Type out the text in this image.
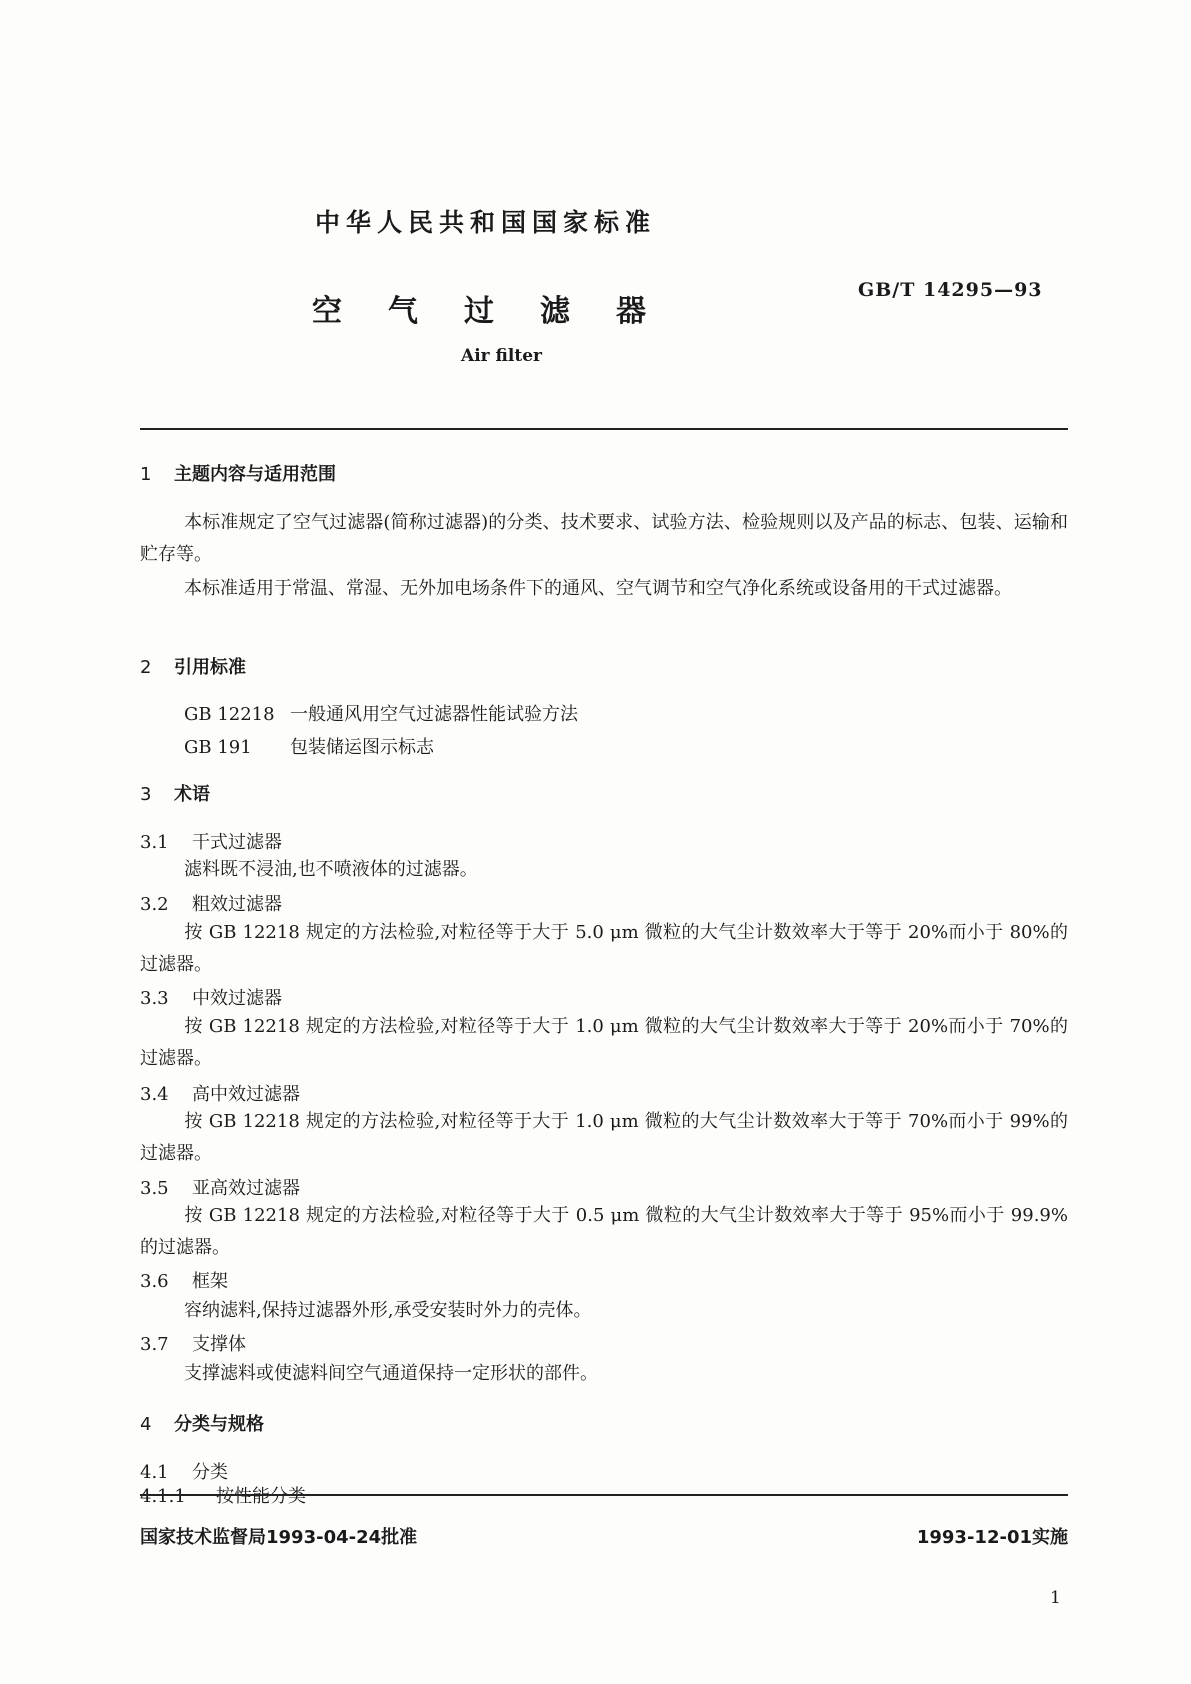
中华人民共和国国家标准
空气过滤器
GB/T 14295—93
Air filter
1 主题内容与适用范围
本标准规定了空气过滤器(简称过滤器)的分类、技术要求、试验方法、检验规则以及产品的标志、包装、运输和贮存等。
本标准适用于常温、常湿、无外加电场条件下的通风、空气调节和空气净化系统或设备用的干式过滤器。
2 引用标准
GB 12218 一般通风用空气过滤器性能试验方法
GB 191 包装储运图示标志
3 术语
3.1 干式过滤器
滤料既不浸油,也不喷液体的过滤器。
3.2 粗效过滤器
按 GB 12218 规定的方法检验,对粒径等于大于 5.0 μm 微粒的大气尘计数效率大于等于 20%而小于 80%的过滤器。
3.3 中效过滤器
按 GB 12218 规定的方法检验,对粒径等于大于 1.0 μm 微粒的大气尘计数效率大于等于 20%而小于 70%的过滤器。
3.4 高中效过滤器
按 GB 12218 规定的方法检验,对粒径等于大于 1.0 μm 微粒的大气尘计数效率大于等于 70%而小于 99%的过滤器。
3.5 亚高效过滤器
按 GB 12218 规定的方法检验,对粒径等于大于 0.5 μm 微粒的大气尘计数效率大于等于 95%而小于 99.9%的过滤器。
3.6 框架
容纳滤料,保持过滤器外形,承受安装时外力的壳体。
3.7 支撑体
支撑滤料或使滤料间空气通道保持一定形状的部件。
4 分类与规格
4.1 分类
4.1.1 按性能分类
国家技术监督局1993-04-24批准	1993-12-01实施
1
